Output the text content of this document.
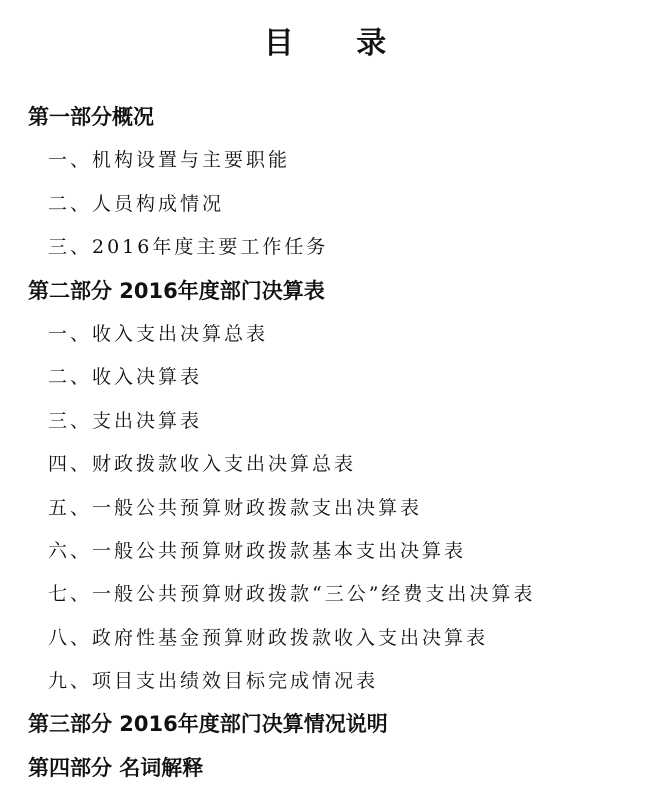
目 录
第一部分概况
一、机构设置与主要职能
二、人员构成情况
三、2016年度主要工作任务
第二部分 2016年度部门决算表
一、收入支出决算总表
二、收入决算表
三、支出决算表
四、财政拨款收入支出决算总表
五、一般公共预算财政拨款支出决算表
六、一般公共预算财政拨款基本支出决算表
七、一般公共预算财政拨款“三公”经费支出决算表
八、政府性基金预算财政拨款收入支出决算表
九、项目支出绩效目标完成情况表
第三部分 2016年度部门决算情况说明
第四部分 名词解释
